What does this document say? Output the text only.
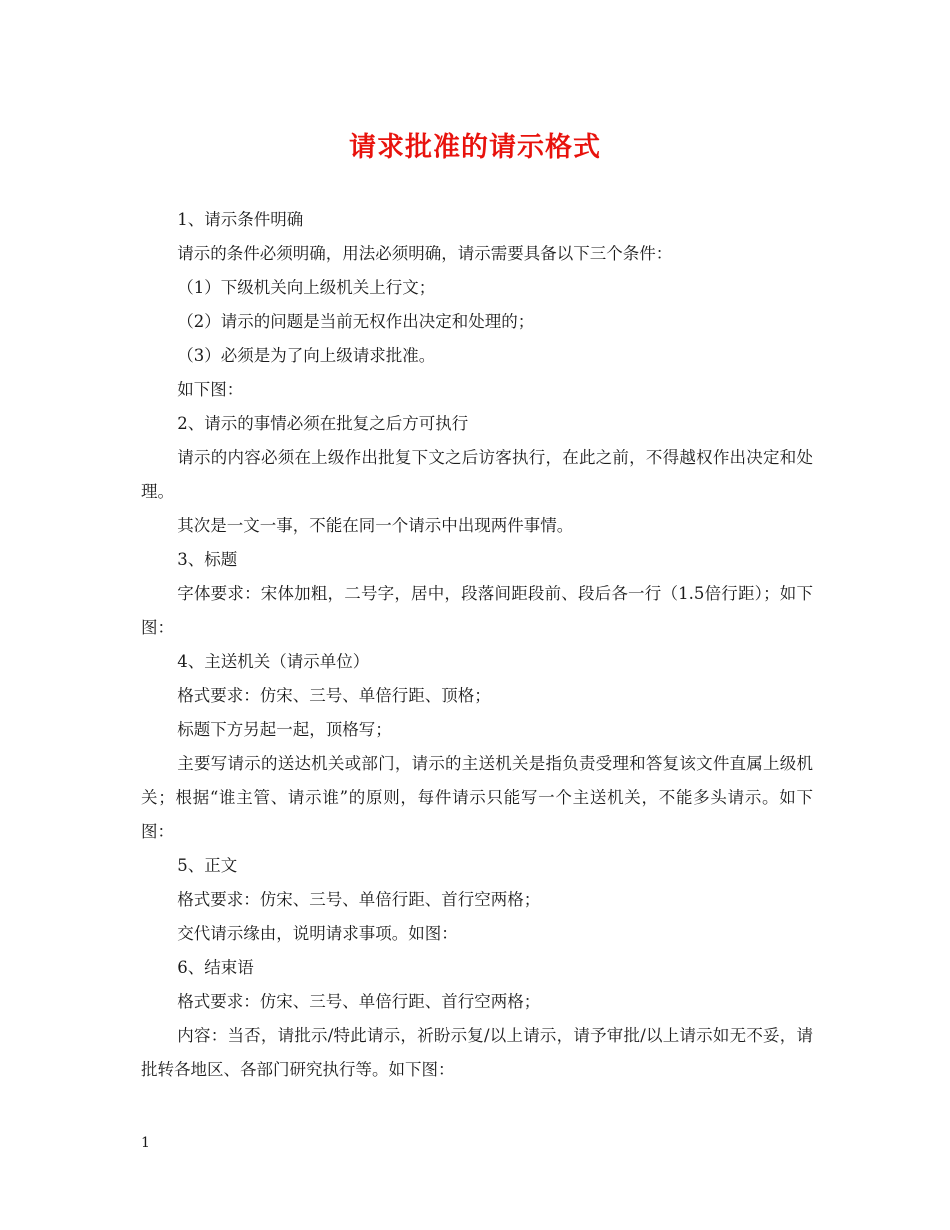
请求批准的请示格式

1、请示条件明确

请示的条件必须明确，用法必须明确，请示需要具备以下三个条件：

（1）下级机关向上级机关上行文；

（2）请示的问题是当前无权作出决定和处理的；

（3）必须是为了向上级请求批准。

如下图：

2、请示的事情必须在批复之后方可执行

请示的内容必须在上级作出批复下文之后访客执行，在此之前，不得越权作出决定和处理。

其次是一文一事，不能在同一个请示中出现两件事情。

3、标题

字体要求：宋体加粗，二号字，居中，段落间距段前、段后各一行（1.5倍行距）；如下图：

4、主送机关（请示单位）

格式要求：仿宋、三号、单倍行距、顶格；

标题下方另起一起，顶格写；

主要写请示的送达机关或部门，请示的主送机关是指负责受理和答复该文件直属上级机关；根据“谁主管、请示谁”的原则，每件请示只能写一个主送机关，不能多头请示。如下图：

5、正文

格式要求：仿宋、三号、单倍行距、首行空两格；

交代请示缘由，说明请求事项。如图：

6、结束语

格式要求：仿宋、三号、单倍行距、首行空两格；

内容：当否，请批示/特此请示，祈盼示复/以上请示，请予审批/以上请示如无不妥，请批转各地区、各部门研究执行等。如下图：

1
